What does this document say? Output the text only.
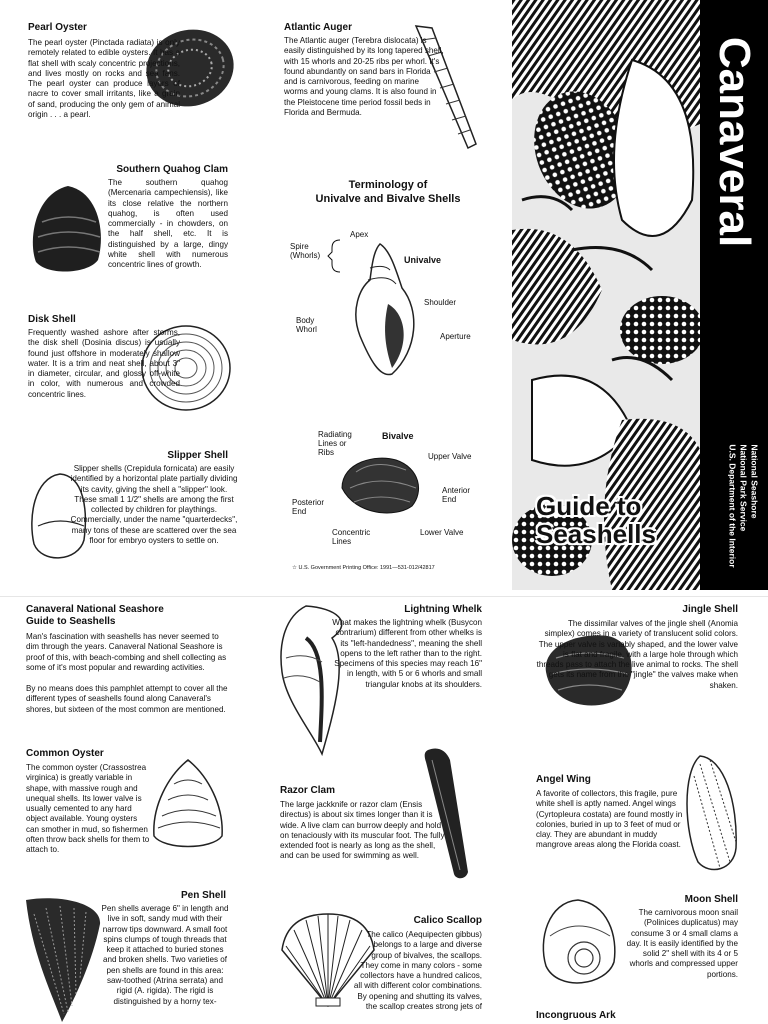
Pearl Oyster
The pearl oyster (Pinctada radiata) is only remotely related to edible oysters. It has a flat shell with scaly concentric projections, and lives mostly on rocks and sea fans. The pearl oyster can produce layers of nacre to cover small irritants, like a grain of sand, producing the only gem of animal origin . . . a pearl.
Southern Quahog Clam
The southern quahog (Mercenaria campechiensis), like its close relative the northern quahog, is often used commercially - in chowders, on the half shell, etc. It is distinguished by a large, dingy white shell with numerous concentric lines of growth.
Disk Shell
Frequently washed ashore after storms, the disk shell (Dosinia discus) is usually found just offshore in moderately shallow water. It is a trim and neat shell, about 3" in diameter, circular, and glossy off-white in color, with numerous and crowded concentric lines.
Slipper Shell
Slipper shells (Crepidula fornicata) are easily identified by a horizontal plate partially dividing its cavity, giving the shell a "slipper" look. These small 1 1/2" shells are among the first collected by children for playthings. Commercially, under the name "quarterdecks", many tons of these are scattered over the sea floor for embryo oysters to settle on.
Atlantic Auger
The Atlantic auger (Terebra dislocata) is easily distinguished by its long tapered shell, with 15 whorls and 20-25 ribs per whorl. It's found abundantly on sand bars in Florida and is carnivorous, feeding on marine worms and young clams. It is also found in the Pleistocene time period fossil beds in Florida and Bermuda.
Terminology of
Univalve and Bivalve Shells
Apex
Spire
(Whorls)	Univalve
Shoulder
Body
Whorl
Aperture
Radiating
Lines or
Ribs
Bivalve
Upper Valve
Anterior
End
Posterior
End
Concentric
Lines
Lower Valve
☆ U.S. Government Printing Office: 1991—531-012/42817
Guide to
Seashells
Canaveral
National Seashore
National Park Service
U.S. Department of the Interior
Canaveral National Seashore
Guide to Seashells
Man's fascination with seashells has never seemed to dim through the years. Canaveral National Seashore is proof of this, with beach-combing and shell collecting as some of it's most popular and rewarding activities.
By no means does this pamphlet attempt to cover all the different types of seashells found along Canaveral's shores, but sixteen of the most common are mentioned.
Common Oyster
The common oyster (Crassostrea virginica) is greatly variable in shape, with massive rough and unequal shells. Its lower valve is usually cemented to any hard object available. Young oysters can smother in mud, so fishermen often throw back shells for them to attach to.
Pen Shell
Pen shells average 6" in length and live in soft, sandy mud with their narrow tips downward. A small foot spins clumps of tough threads that keep it attached to buried stones and broken shells. Two varieties of pen shells are found in this area: saw-toothed (Atrina serrata) and rigid (A. rigida). The rigid is distinguished by a horny tex-
Lightning Whelk
What makes the lightning whelk (Busycon contrarium) different from other whelks is its "left-handedness", meaning the shell opens to the left rather than to the right. Specimens of this species may reach 16" in length, with 5 or 6 whorls and small triangular knobs at its shoulders.
Razor Clam
The large jackknife or razor clam (Ensis directus) is about six times longer than it is wide. A live clam can burrow deeply and hold on tenaciously with its muscular foot. The fully extended foot is nearly as long as the shell, and can be used for swimming as well.
Calico Scallop
The calico (Aequipecten gibbus) belongs to a large and diverse group of bivalves, the scallops. They come in many colors - some collectors have a hundred calicos, all with different color combinations. By opening and shutting its valves, the scallop creates strong jets of
Jingle Shell
The dissimilar valves of the jingle shell (Anomia simplex) comes in a variety of translucent solid colors. The upper valve is variably shaped, and the lower valve is flat and fragile, with a large hole through which threads pass to attach the live animal to rocks. The shell gets its name from the "jingle" the valves make when shaken.
Angel Wing
A favorite of collectors, this fragile, pure white shell is aptly named. Angel wings (Cyrtopleura costata) are found mostly in colonies, buried in up to 3 feet of mud or clay. They are abundant in muddy mangrove areas along the Florida coast.
Moon Shell
The carnivorous moon snail (Polinices duplicatus) may consume 3 or 4 small clams a day. It is easily identified by the solid 2" shell with its 4 or 5 whorls and compressed upper portions.
Incongruous Ark
